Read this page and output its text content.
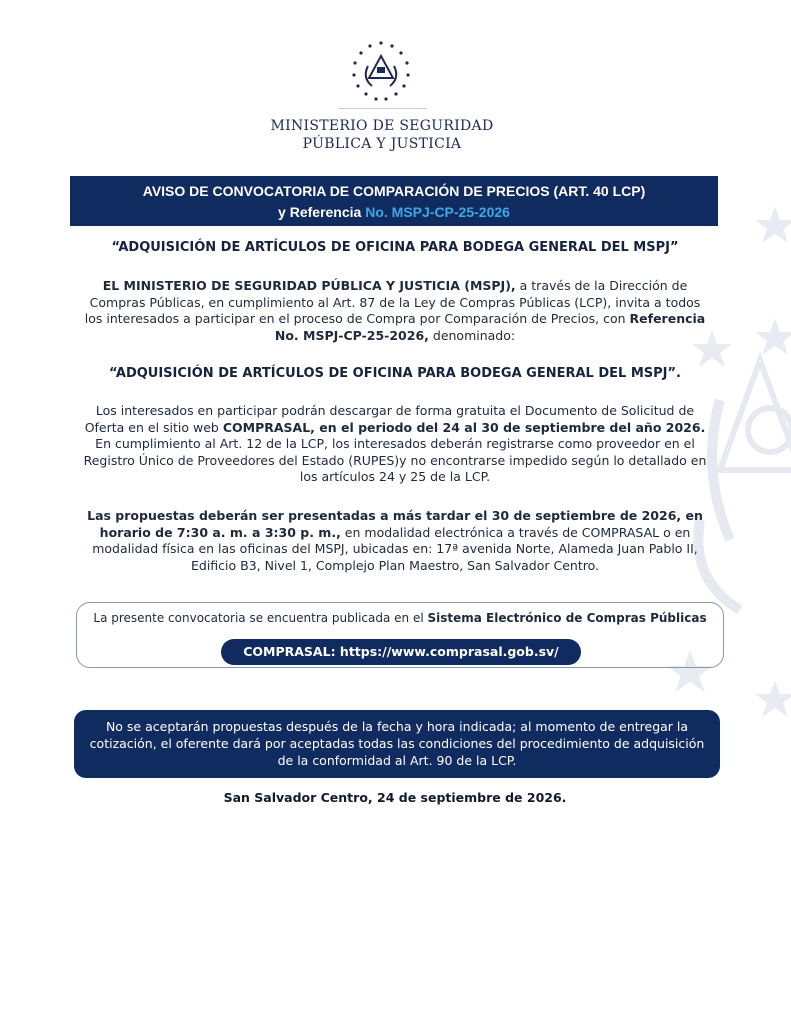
MINISTERIO DE SEGURIDAD
PÚBLICA Y JUSTICIA
AVISO DE CONVOCATORIA DE COMPARACIÓN DE PRECIOS (ART. 40 LCP)
y Referencia No. MSPJ-CP-25-2026
“ADQUISICIÓN DE ARTÍCULOS DE OFICINA PARA BODEGA GENERAL DEL MSPJ”
EL MINISTERIO DE SEGURIDAD PÚBLICA Y JUSTICIA (MSPJ), a través de la Dirección de Compras Públicas, en cumplimiento al Art. 87 de la Ley de Compras Públicas (LCP), invita a todos los interesados a participar en el proceso de Compra por Comparación de Precios, con Referencia No. MSPJ-CP-25-2026, denominado:
“ADQUISICIÓN DE ARTÍCULOS DE OFICINA PARA BODEGA GENERAL DEL MSPJ”.
Los interesados en participar podrán descargar de forma gratuita el Documento de Solicitud de Oferta en el sitio web COMPRASAL, en el periodo del 24 al 30 de septiembre del año 2026. En cumplimiento al Art. 12 de la LCP, los interesados deberán registrarse como proveedor en el Registro Único de Proveedores del Estado (RUPES)y no encontrarse impedido según lo detallado en los artículos 24 y 25 de la LCP.
Las propuestas deberán ser presentadas a más tardar el 30 de septiembre de 2026, en horario de 7:30 a. m. a 3:30 p. m., en modalidad electrónica a través de COMPRASAL o en modalidad física en las oficinas del MSPJ, ubicadas en: 17ª avenida Norte, Alameda Juan Pablo II, Edificio B3, Nivel 1, Complejo Plan Maestro, San Salvador Centro.
La presente convocatoria se encuentra publicada en el Sistema Electrónico de Compras Públicas
COMPRASAL: https://www.comprasal.gob.sv/
No se aceptarán propuestas después de la fecha y hora indicada; al momento de entregar la cotización, el oferente dará por aceptadas todas las condiciones del procedimiento de adquisición de la conformidad al Art. 90 de la LCP.
San Salvador Centro, 24 de septiembre de 2026.
